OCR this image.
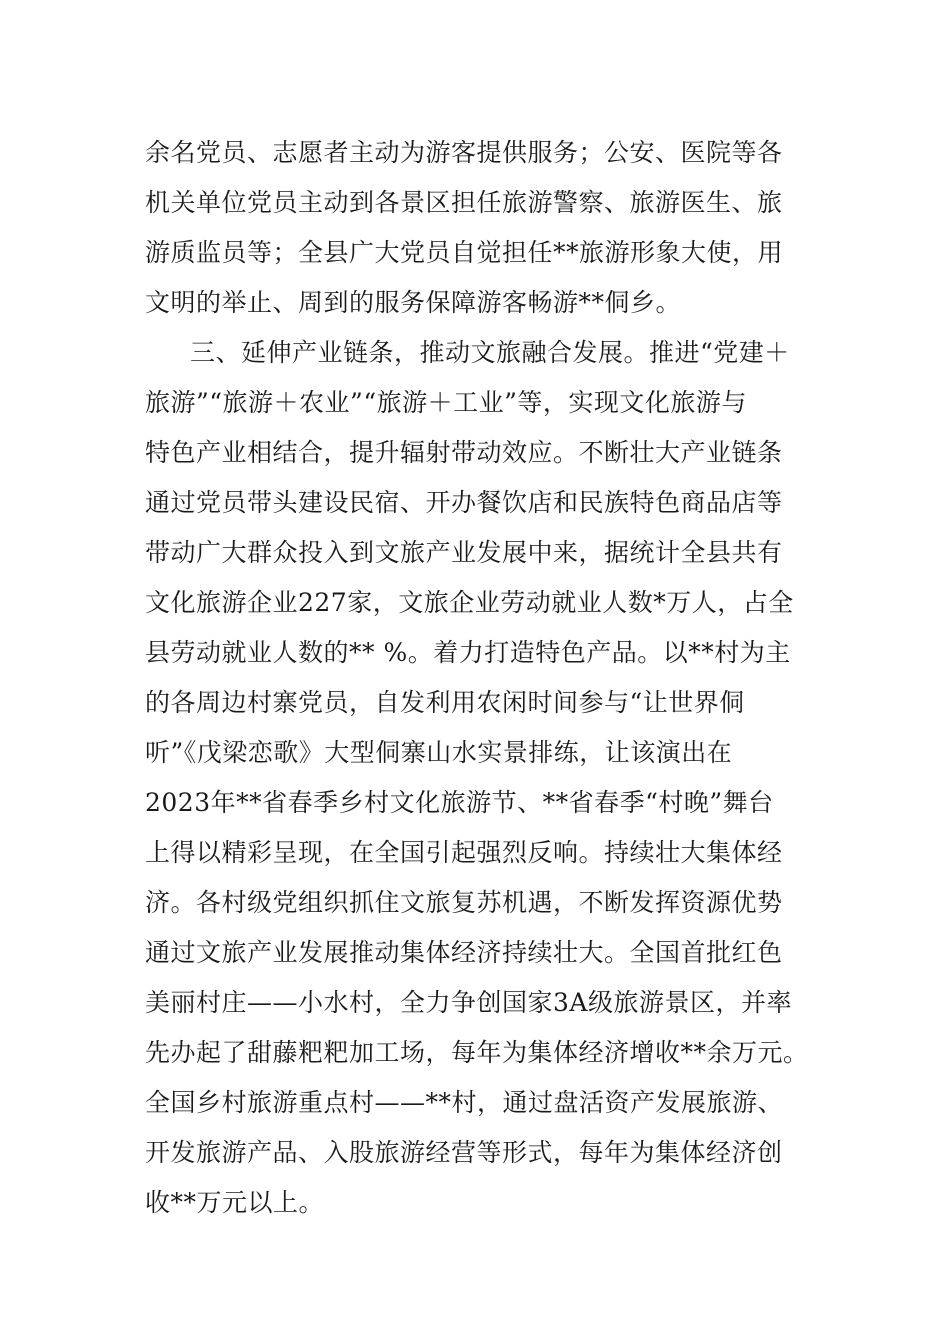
余名党员、志愿者主动为游客提供服务；公安、医院等各
机关单位党员主动到各景区担任旅游警察、旅游医生、旅
游质监员等；全县广大党员自觉担任**旅游形象大使，用
文明的举止、周到的服务保障游客畅游**侗乡。
三、延伸产业链条，推动文旅融合发展。推进“党建＋
旅游”“旅游＋农业”“旅游＋工业”等，实现文化旅游与
特色产业相结合，提升辐射带动效应。不断壮大产业链条
通过党员带头建设民宿、开办餐饮店和民族特色商品店等
带动广大群众投入到文旅产业发展中来，据统计全县共有
文化旅游企业227家，文旅企业劳动就业人数*万人，占全
县劳动就业人数的** %。着力打造特色产品。以**村为主
的各周边村寨党员，自发利用农闲时间参与“让世界侗
听”《戊梁恋歌》大型侗寨山水实景排练，让该演出在
2023年**省春季乡村文化旅游节、**省春季“村晚”舞台
上得以精彩呈现，在全国引起强烈反响。持续壮大集体经
济。各村级党组织抓住文旅复苏机遇，不断发挥资源优势
通过文旅产业发展推动集体经济持续壮大。全国首批红色
美丽村庄——小水村，全力争创国家3A级旅游景区，并率
先办起了甜藤粑粑加工场，每年为集体经济增收**余万元。
全国乡村旅游重点村——**村，通过盘活资产发展旅游、
开发旅游产品、入股旅游经营等形式，每年为集体经济创
收**万元以上。
